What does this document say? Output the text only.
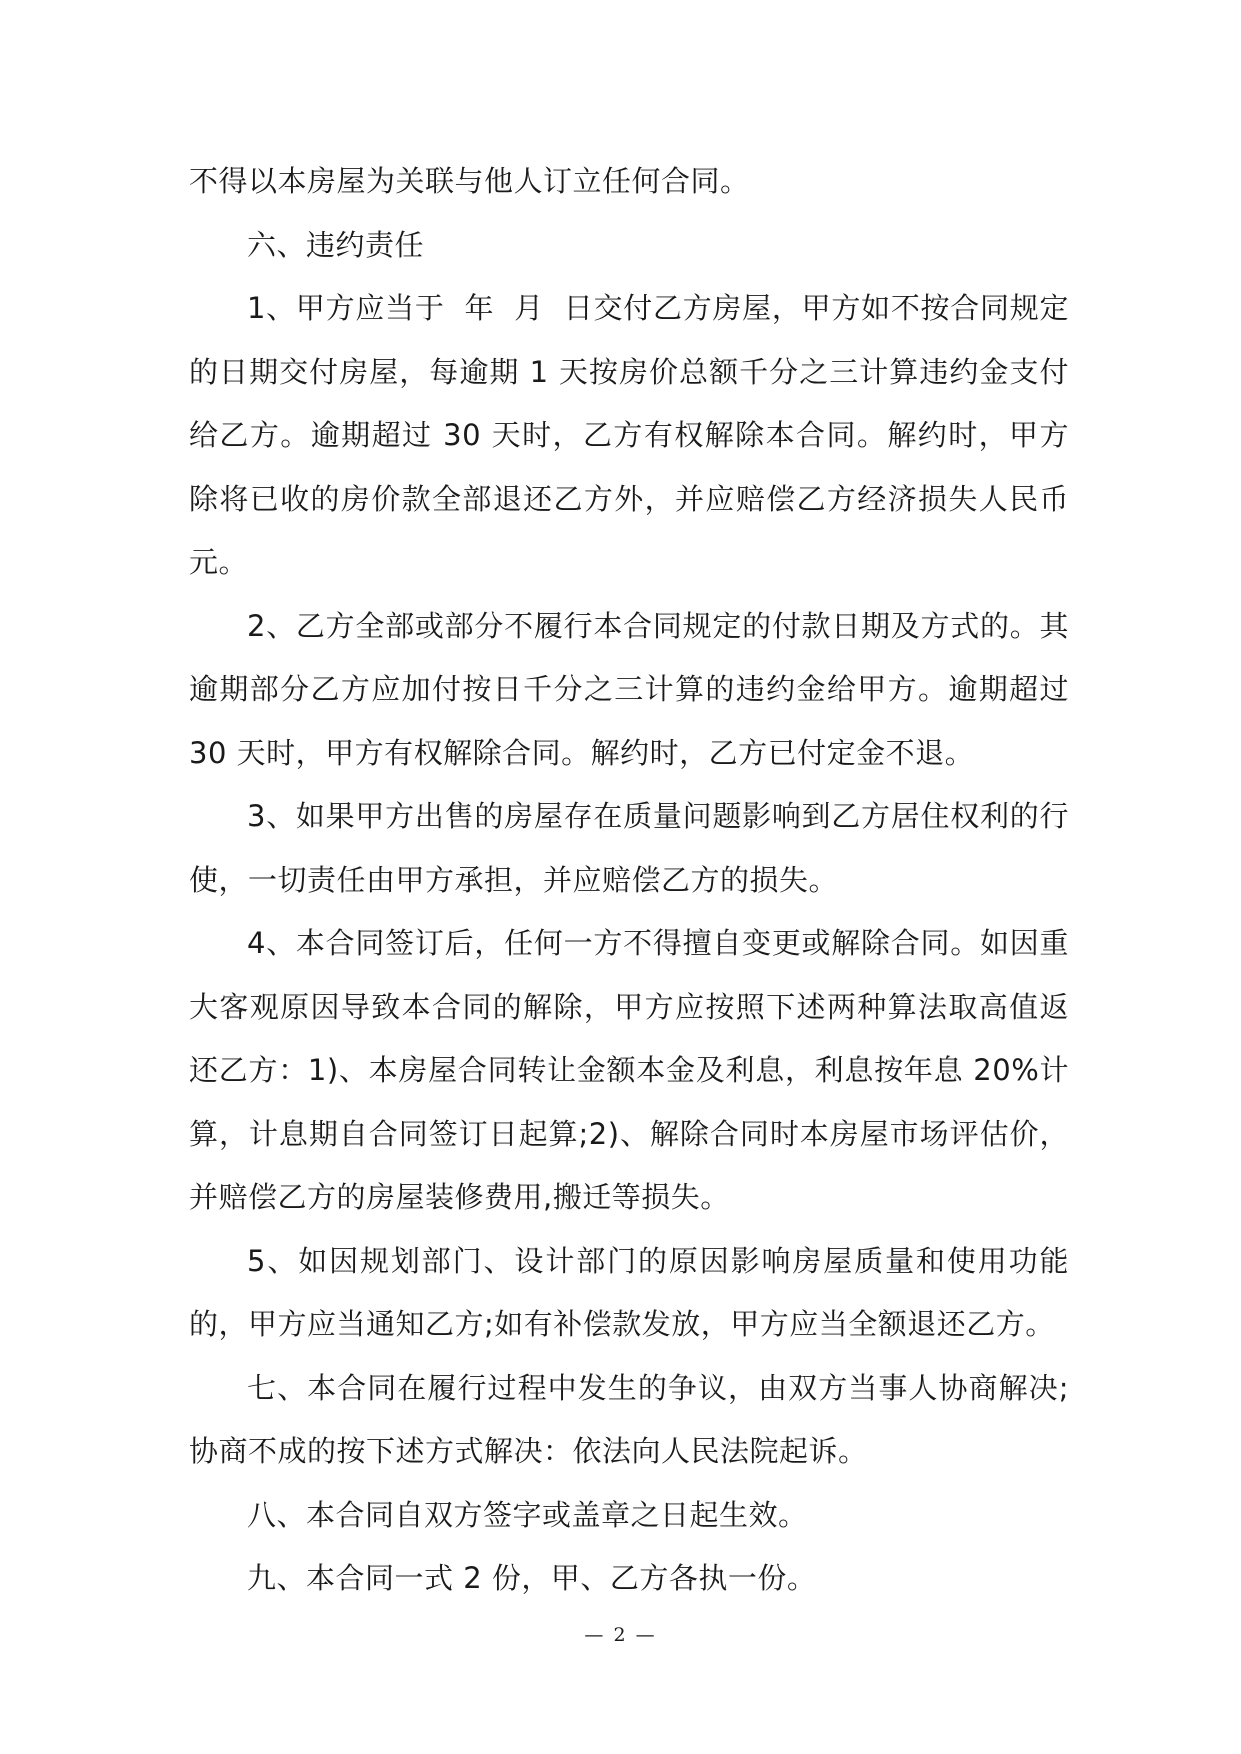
不得以本房屋为关联与他人订立任何合同。

六、违约责任

1、甲方应当于  年  月  日交付乙方房屋，甲方如不按合同规定的日期交付房屋，每逾期 1 天按房价总额千分之三计算违约金支付给乙方。逾期超过 30 天时，乙方有权解除本合同。解约时，甲方除将已收的房价款全部退还乙方外，并应赔偿乙方经济损失人民币  元。

2、乙方全部或部分不履行本合同规定的付款日期及方式的。其逾期部分乙方应加付按日千分之三计算的违约金给甲方。逾期超过 30 天时，甲方有权解除合同。解约时，乙方已付定金不退。

3、如果甲方出售的房屋存在质量问题影响到乙方居住权利的行使，一切责任由甲方承担，并应赔偿乙方的损失。

4、本合同签订后，任何一方不得擅自变更或解除合同。如因重大客观原因导致本合同的解除，甲方应按照下述两种算法取高值返还乙方：1)、本房屋合同转让金额本金及利息，利息按年息 20%计算，计息期自合同签订日起算;2)、解除合同时本房屋市场评估价，并赔偿乙方的房屋装修费用,搬迁等损失。

5、如因规划部门、设计部门的原因影响房屋质量和使用功能的，甲方应当通知乙方;如有补偿款发放，甲方应当全额退还乙方。

七、本合同在履行过程中发生的争议，由双方当事人协商解决;协商不成的按下述方式解决：依法向人民法院起诉。

八、本合同自双方签字或盖章之日起生效。

九、本合同一式 2 份，甲、乙方各执一份。

— 2 —
